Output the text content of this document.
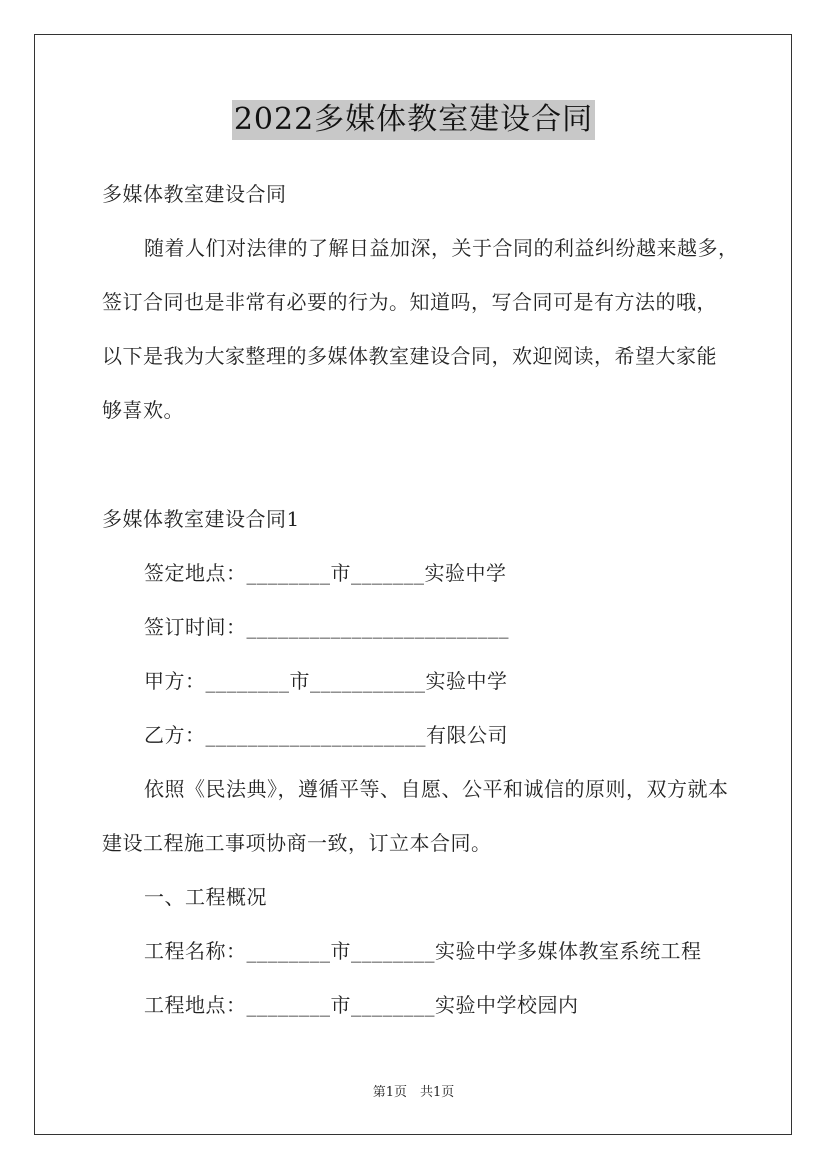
2022多媒体教室建设合同
多媒体教室建设合同
随着人们对法律的了解日益加深，关于合同的利益纠纷越来越多，
签订合同也是非常有必要的行为。知道吗，写合同可是有方法的哦，
以下是我为大家整理的多媒体教室建设合同，欢迎阅读，希望大家能
够喜欢。
多媒体教室建设合同1
签定地点：________市_______实验中学
签订时间：_________________________
甲方：________市___________实验中学
乙方：_____________________有限公司
依照《民法典》，遵循平等、自愿、公平和诚信的原则，双方就本
建设工程施工事项协商一致，订立本合同。
一、工程概况
工程名称：________市________实验中学多媒体教室系统工程
工程地点：________市________实验中学校园内
第1页　共1页
